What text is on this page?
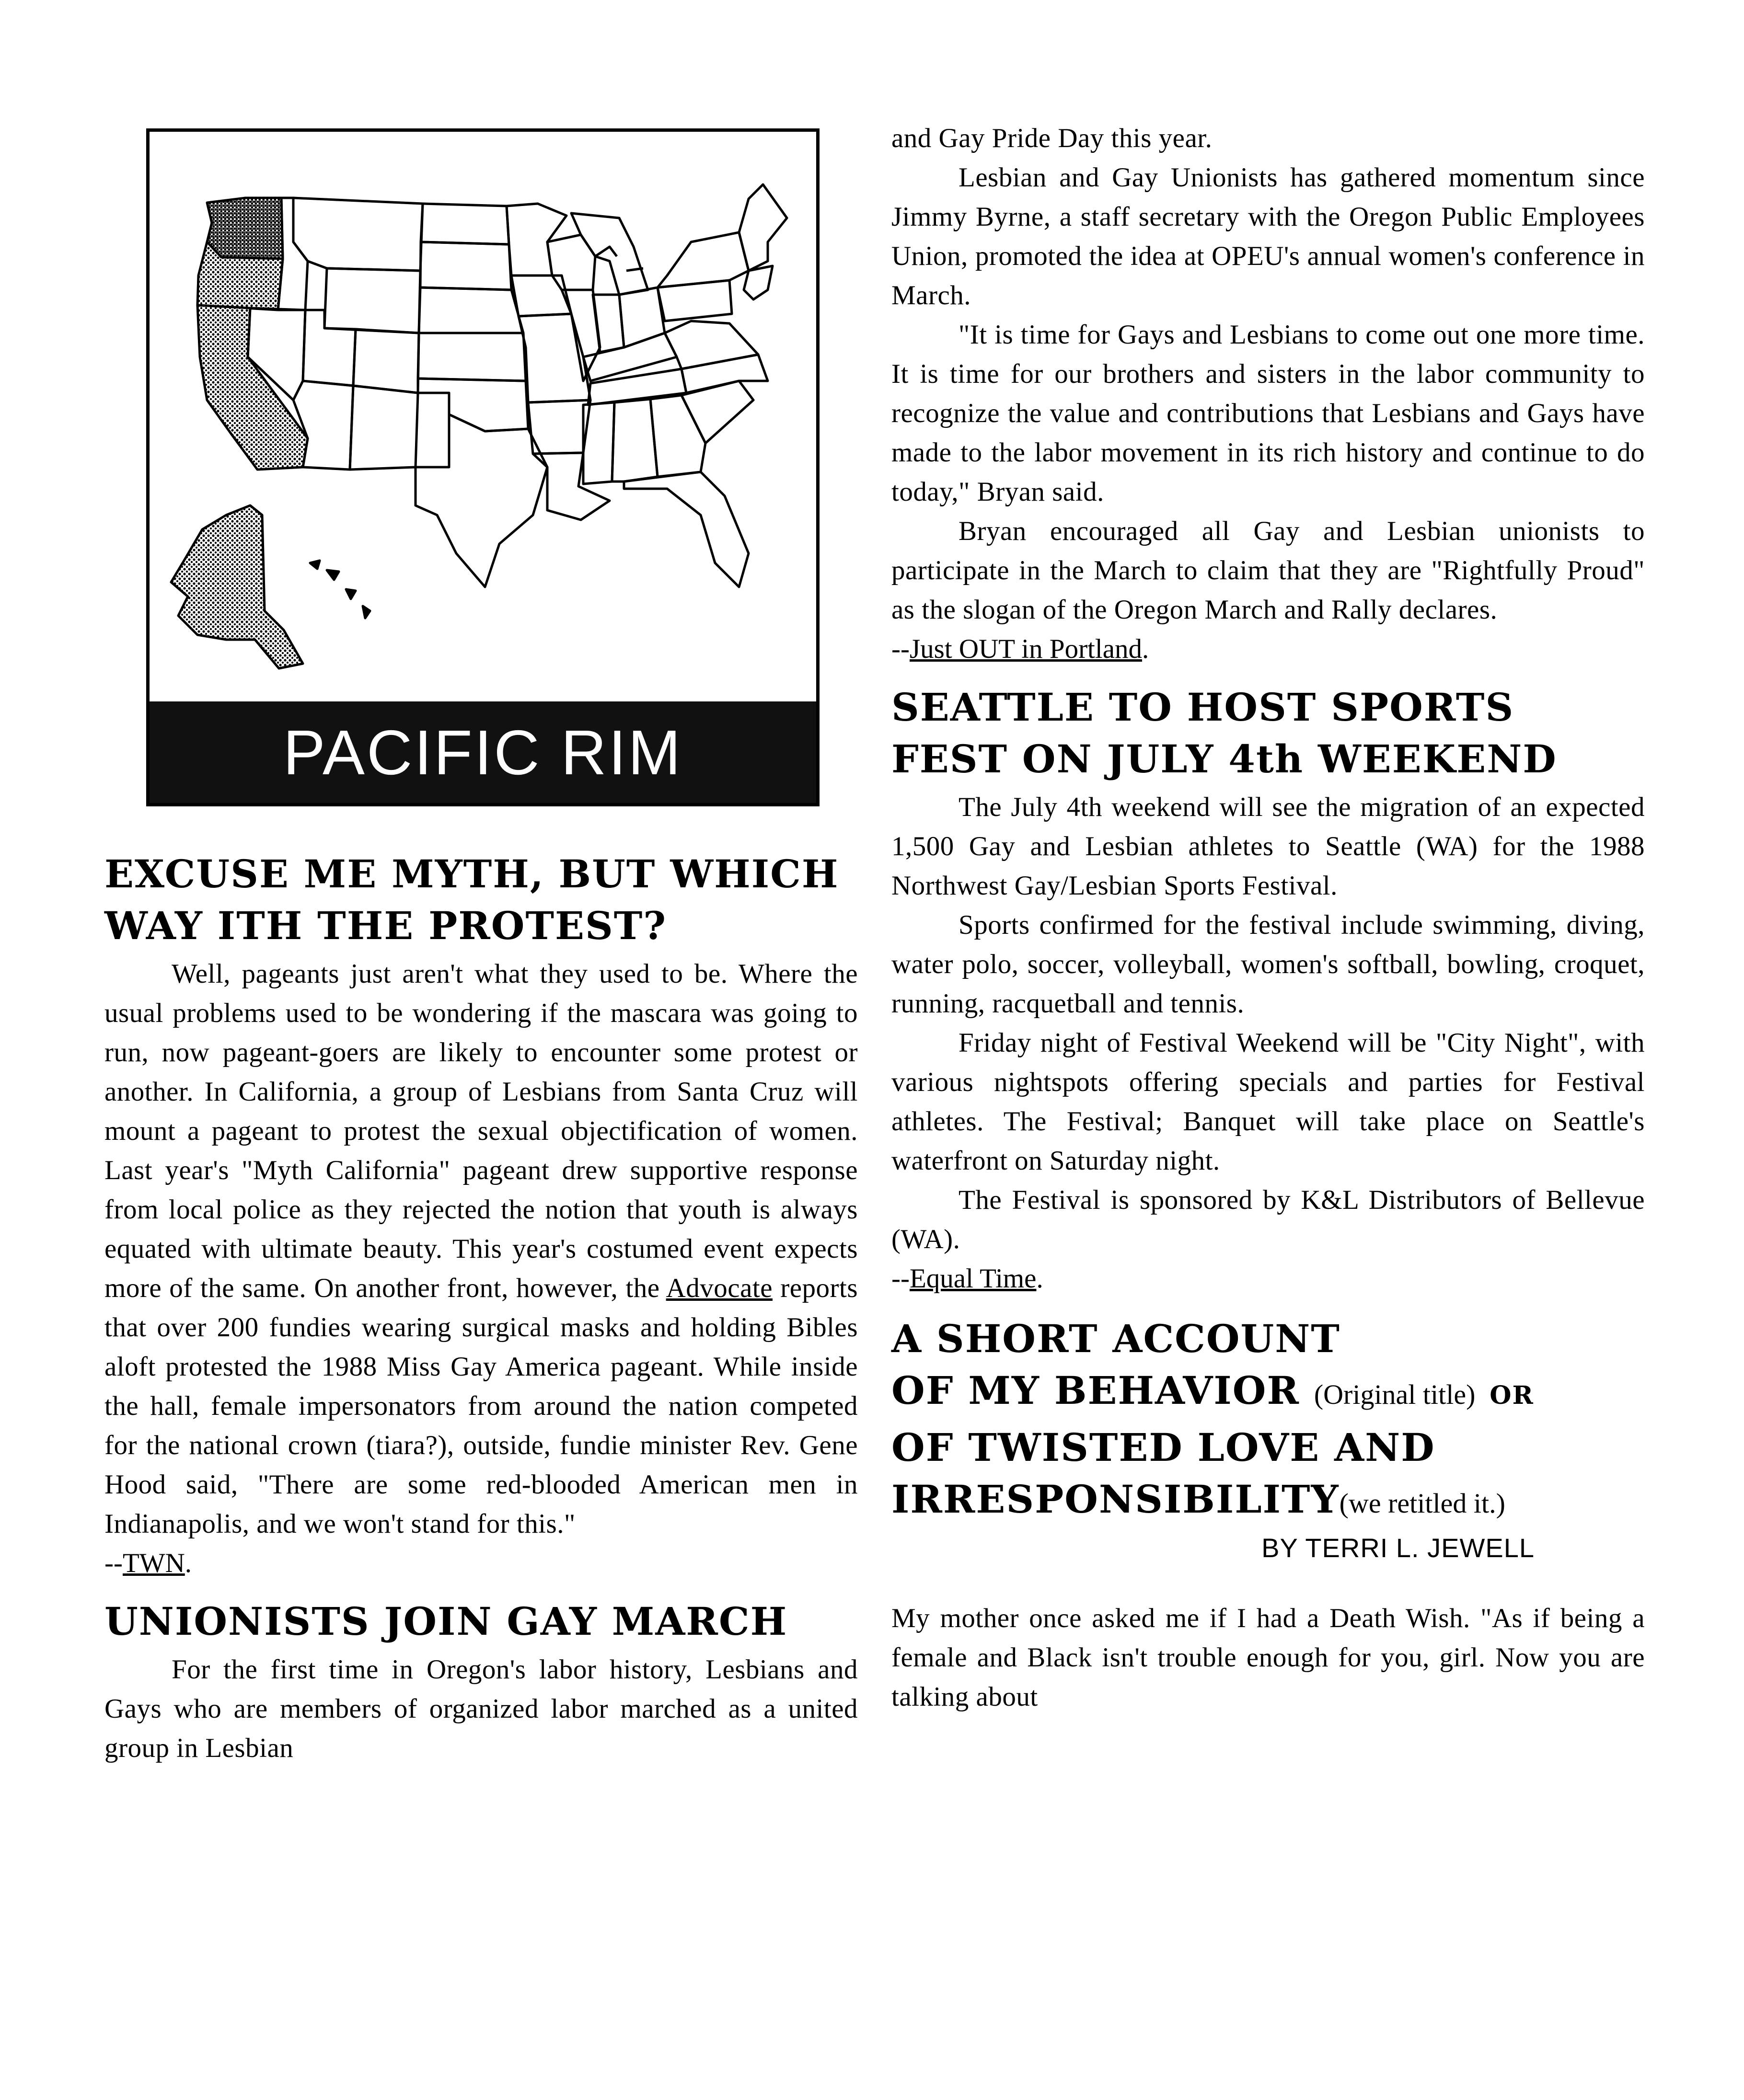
PACIFIC RIM
EXCUSE ME MYTH, BUT WHICH WAY ITH THE PROTEST?

Well, pageants just aren't what they used to be. Where the usual problems used to be wondering if the mascara was going to run, now pageant-goers are likely to encounter some protest or another. In California, a group of Lesbians from Santa Cruz will mount a pageant to protest the sexual objectification of women. Last year's "Myth California" pageant drew supportive response from local police as they rejected the notion that youth is always equated with ultimate beauty. This year's costumed event expects more of the same. On another front, however, the Advocate reports that over 200 fundies wearing surgical masks and holding Bibles aloft protested the 1988 Miss Gay America pageant. While inside the hall, female impersonators from around the nation competed for the national crown (tiara?), outside, fundie minister Rev. Gene Hood said, "There are some red-blooded American men in Indianapolis, and we won't stand for this."

--TWN.

UNIONISTS JOIN GAY MARCH

For the first time in Oregon's labor history, Lesbians and Gays who are members of organized labor marched as a united group in Lesbian

and Gay Pride Day this year.

Lesbian and Gay Unionists has gathered momentum since Jimmy Byrne, a staff secretary with the Oregon Public Employees Union, promoted the idea at OPEU's annual women's conference in March.

"It is time for Gays and Lesbians to come out one more time. It is time for our brothers and sisters in the labor community to recognize the value and contributions that Lesbians and Gays have made to the labor movement in its rich history and continue to do today," Bryan said.

Bryan encouraged all Gay and Lesbian unionists to participate in the March to claim that they are "Rightfully Proud" as the slogan of the Oregon March and Rally declares.

--Just OUT in Portland.

SEATTLE TO HOST SPORTS FEST ON JULY 4th WEEKEND

The July 4th weekend will see the migration of an expected 1,500 Gay and Lesbian athletes to Seattle (WA) for the 1988 Northwest Gay/Lesbian Sports Festival.

Sports confirmed for the festival include swimming, diving, water polo, soccer, volleyball, women's softball, bowling, croquet, running, racquetball and tennis.

Friday night of Festival Weekend will be "City Night", with various nightspots offering specials and parties for Festival athletes. The Festival; Banquet will take place on Seattle's waterfront on Saturday night.

The Festival is sponsored by K&L Distributors of Bellevue (WA).

--Equal Time.

A SHORT ACCOUNT
OF MY BEHAVIOR (Original title) OR
OF TWISTED LOVE AND
IRRESPONSIBILITY(we retitled it.)
BY TERRI L. JEWELL

My mother once asked me if I had a Death Wish. "As if being a female and Black isn't trouble enough for you, girl. Now you are talking about
